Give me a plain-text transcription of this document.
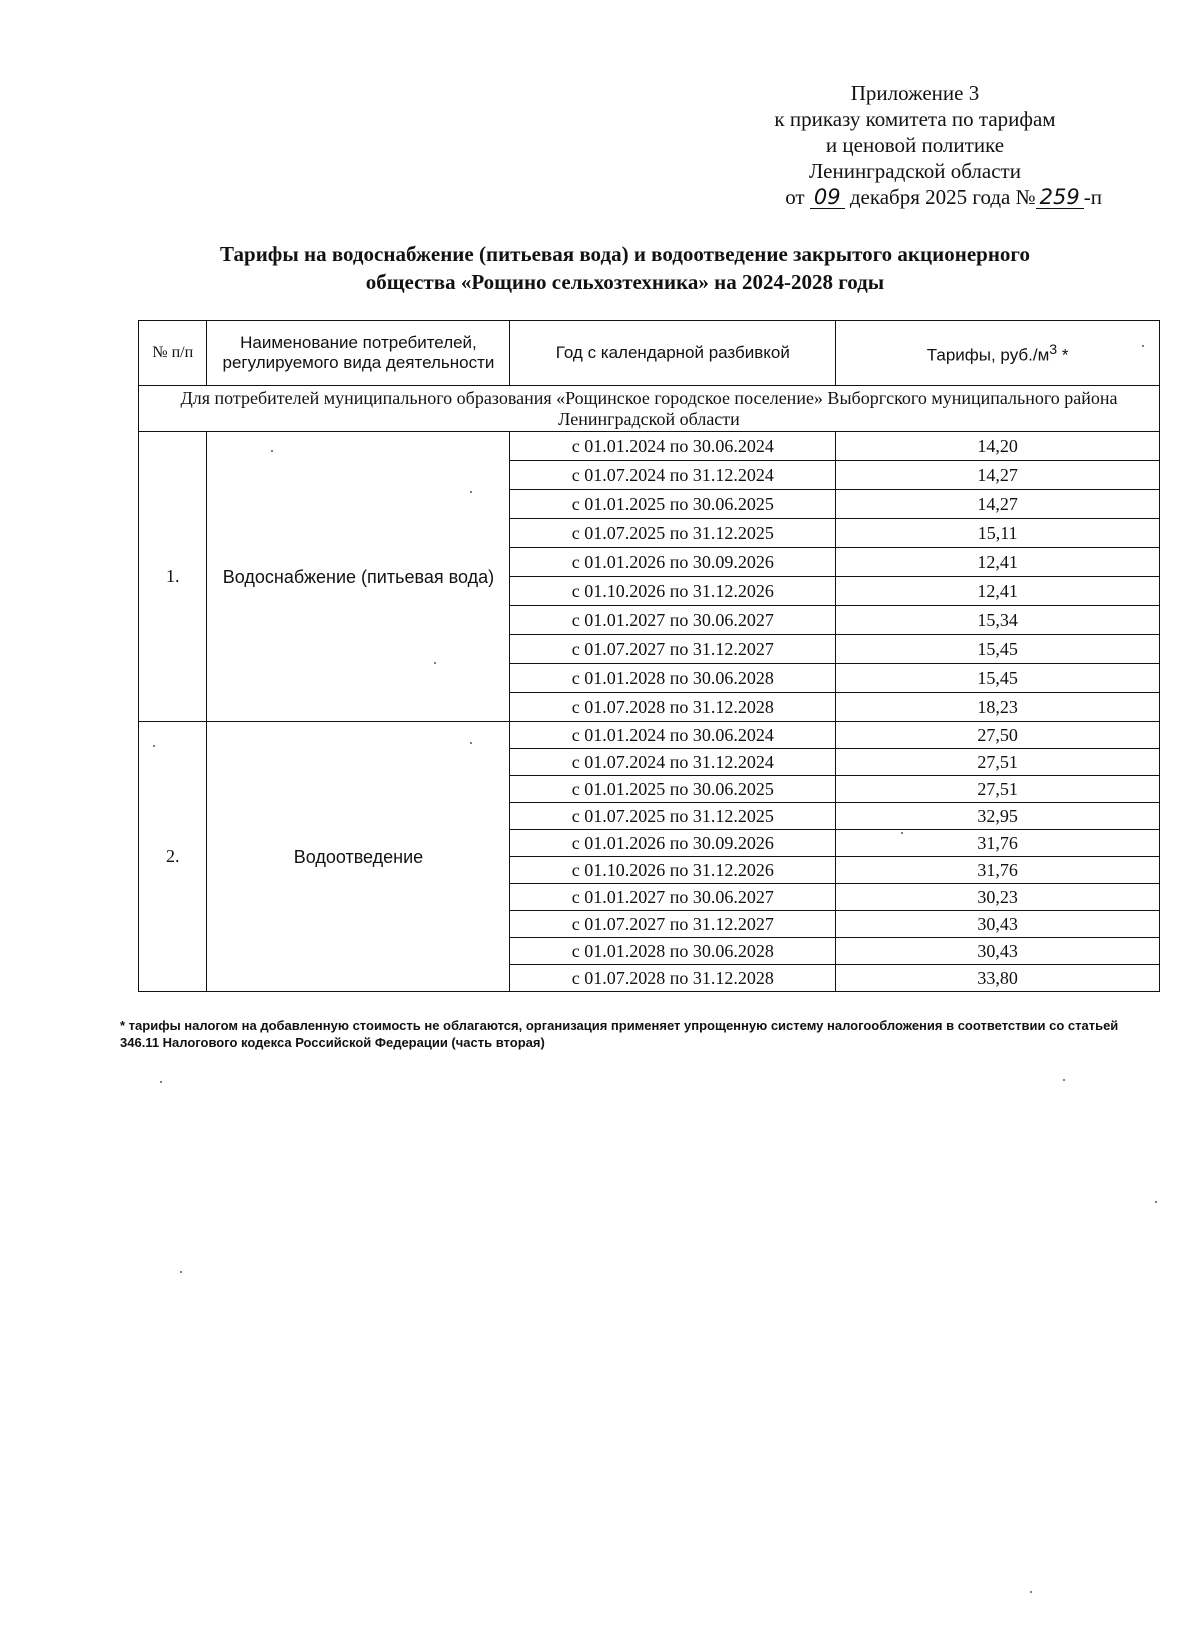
Приложение 3
к приказу комитета по тарифам
и ценовой политике
Ленинградской области
от 09 декабря 2025 года № 259 -п
Тарифы на водоснабжение (питьевая вода) и водоотведение закрытого акционерного
общества «Рощино сельхозтехника» на 2024-2028 годы
№ п/п	Наименование потребителей, регулируемого вида деятельности	Год с календарной разбивкой	Тарифы, $руб./м^3$ *
Для потребителей муниципального образования «Рощинское городское поселение» Выборгского муниципального района Ленинградской области			
1.	Водоснабжение (питьевая вода)	с 01.01.2024 по 30.06.2024	14,20
		с 01.07.2024 по 31.12.2024	14,27
		с 01.01.2025 по 30.06.2025	14,27
		с 01.07.2025 по 31.12.2025	15,11
		с 01.01.2026 по 30.09.2026	12,41
		с 01.10.2026 по 31.12.2026	12,41
		с 01.01.2027 по 30.06.2027	15,34
		с 01.07.2027 по 31.12.2027	15,45
		с 01.01.2028 по 30.06.2028	15,45
		с 01.07.2028 по 31.12.2028	18,23
2.	Водоотведение	с 01.01.2024 по 30.06.2024	27,50
		с 01.07.2024 по 31.12.2024	27,51
		с 01.01.2025 по 30.06.2025	27,51
		с 01.07.2025 по 31.12.2025	32,95
		с 01.01.2026 по 30.09.2026	31,76
		с 01.10.2026 по 31.12.2026	31,76
		с 01.01.2027 по 30.06.2027	30,23
		с 01.07.2027 по 31.12.2027	30,43
		с 01.01.2028 по 30.06.2028	30,43
		с 01.07.2028 по 31.12.2028	33,80
* тарифы налогом на добавленную стоимость не облагаются, организация применяет упрощенную систему налогообложения в соответствии со статьей 346.11 Налогового кодекса Российской Федерации (часть вторая)
